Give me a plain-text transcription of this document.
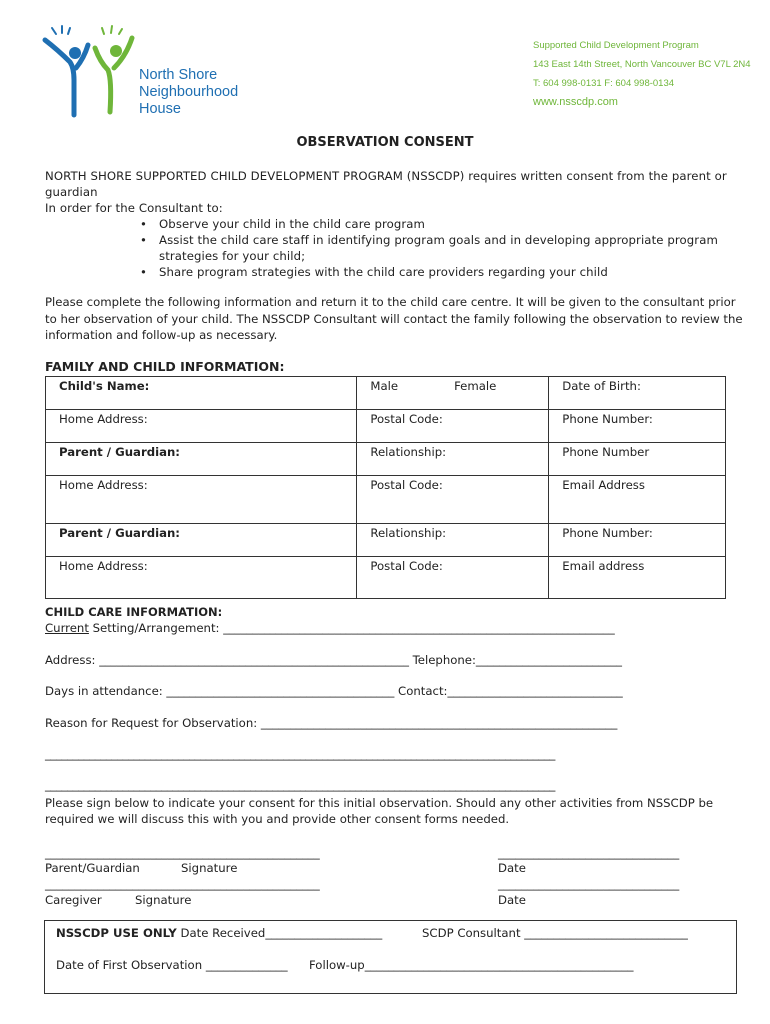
North Shore
Neighbourhood
House
Supported Child Development Program
143 East 14th Street, North Vancouver BC V7L 2N4
T: 604 998-0131 F: 604 998-0134
www.nsscdp.com
OBSERVATION CONSENT

NORTH SHORE SUPPORTED CHILD DEVELOPMENT PROGRAM (NSSCDP) requires written consent from the parent or guardian

In order for the Consultant to:

• Observe your child in the child care program
• Assist the child care staff in identifying program goals and in developing appropriate program strategies for your child;
• Share program strategies with the child care providers regarding your child

Please complete the following information and return it to the child care centre. It will be given to the consultant prior to her observation of your child. The NSSCDP Consultant will contact the family following the observation to review the information and follow-up as necessary.

FAMILY AND CHILD INFORMATION:
Child's Name:	Male Female	Date of Birth:
Home Address:	Postal Code:	Phone Number:
Parent / Guardian:	Relationship:	Phone Number
Home Address:	Postal Code:	Email Address
Parent / Guardian:	Relationship:	Phone Number:
Home Address:	Postal Code:	Email address
CHILD CARE INFORMATION:
Current Setting/Arrangement: ___________________________________________________________________
Address: _____________________________________________________ Telephone:_________________________
Days in attendance: _______________________________________ Contact:______________________________
Reason for Request for Observation: _____________________________________________________________
____________________________________________________________________________________________
____________________________________________________________________________________________

Please sign below to indicate your consent for this initial observation. Should any other activities from NSSCDP be required we will discuss this with you and provide other consent forms needed.

_______________________________________________	_______________________________
Parent/Guardian	Signature	Date
_______________________________________________	_______________________________
Caregiver	Signature	Date
NSSCDP USE ONLY Date Received____________________	SCDP Consultant ____________________________
Date of First Observation ______________ Follow-up______________________________________________
